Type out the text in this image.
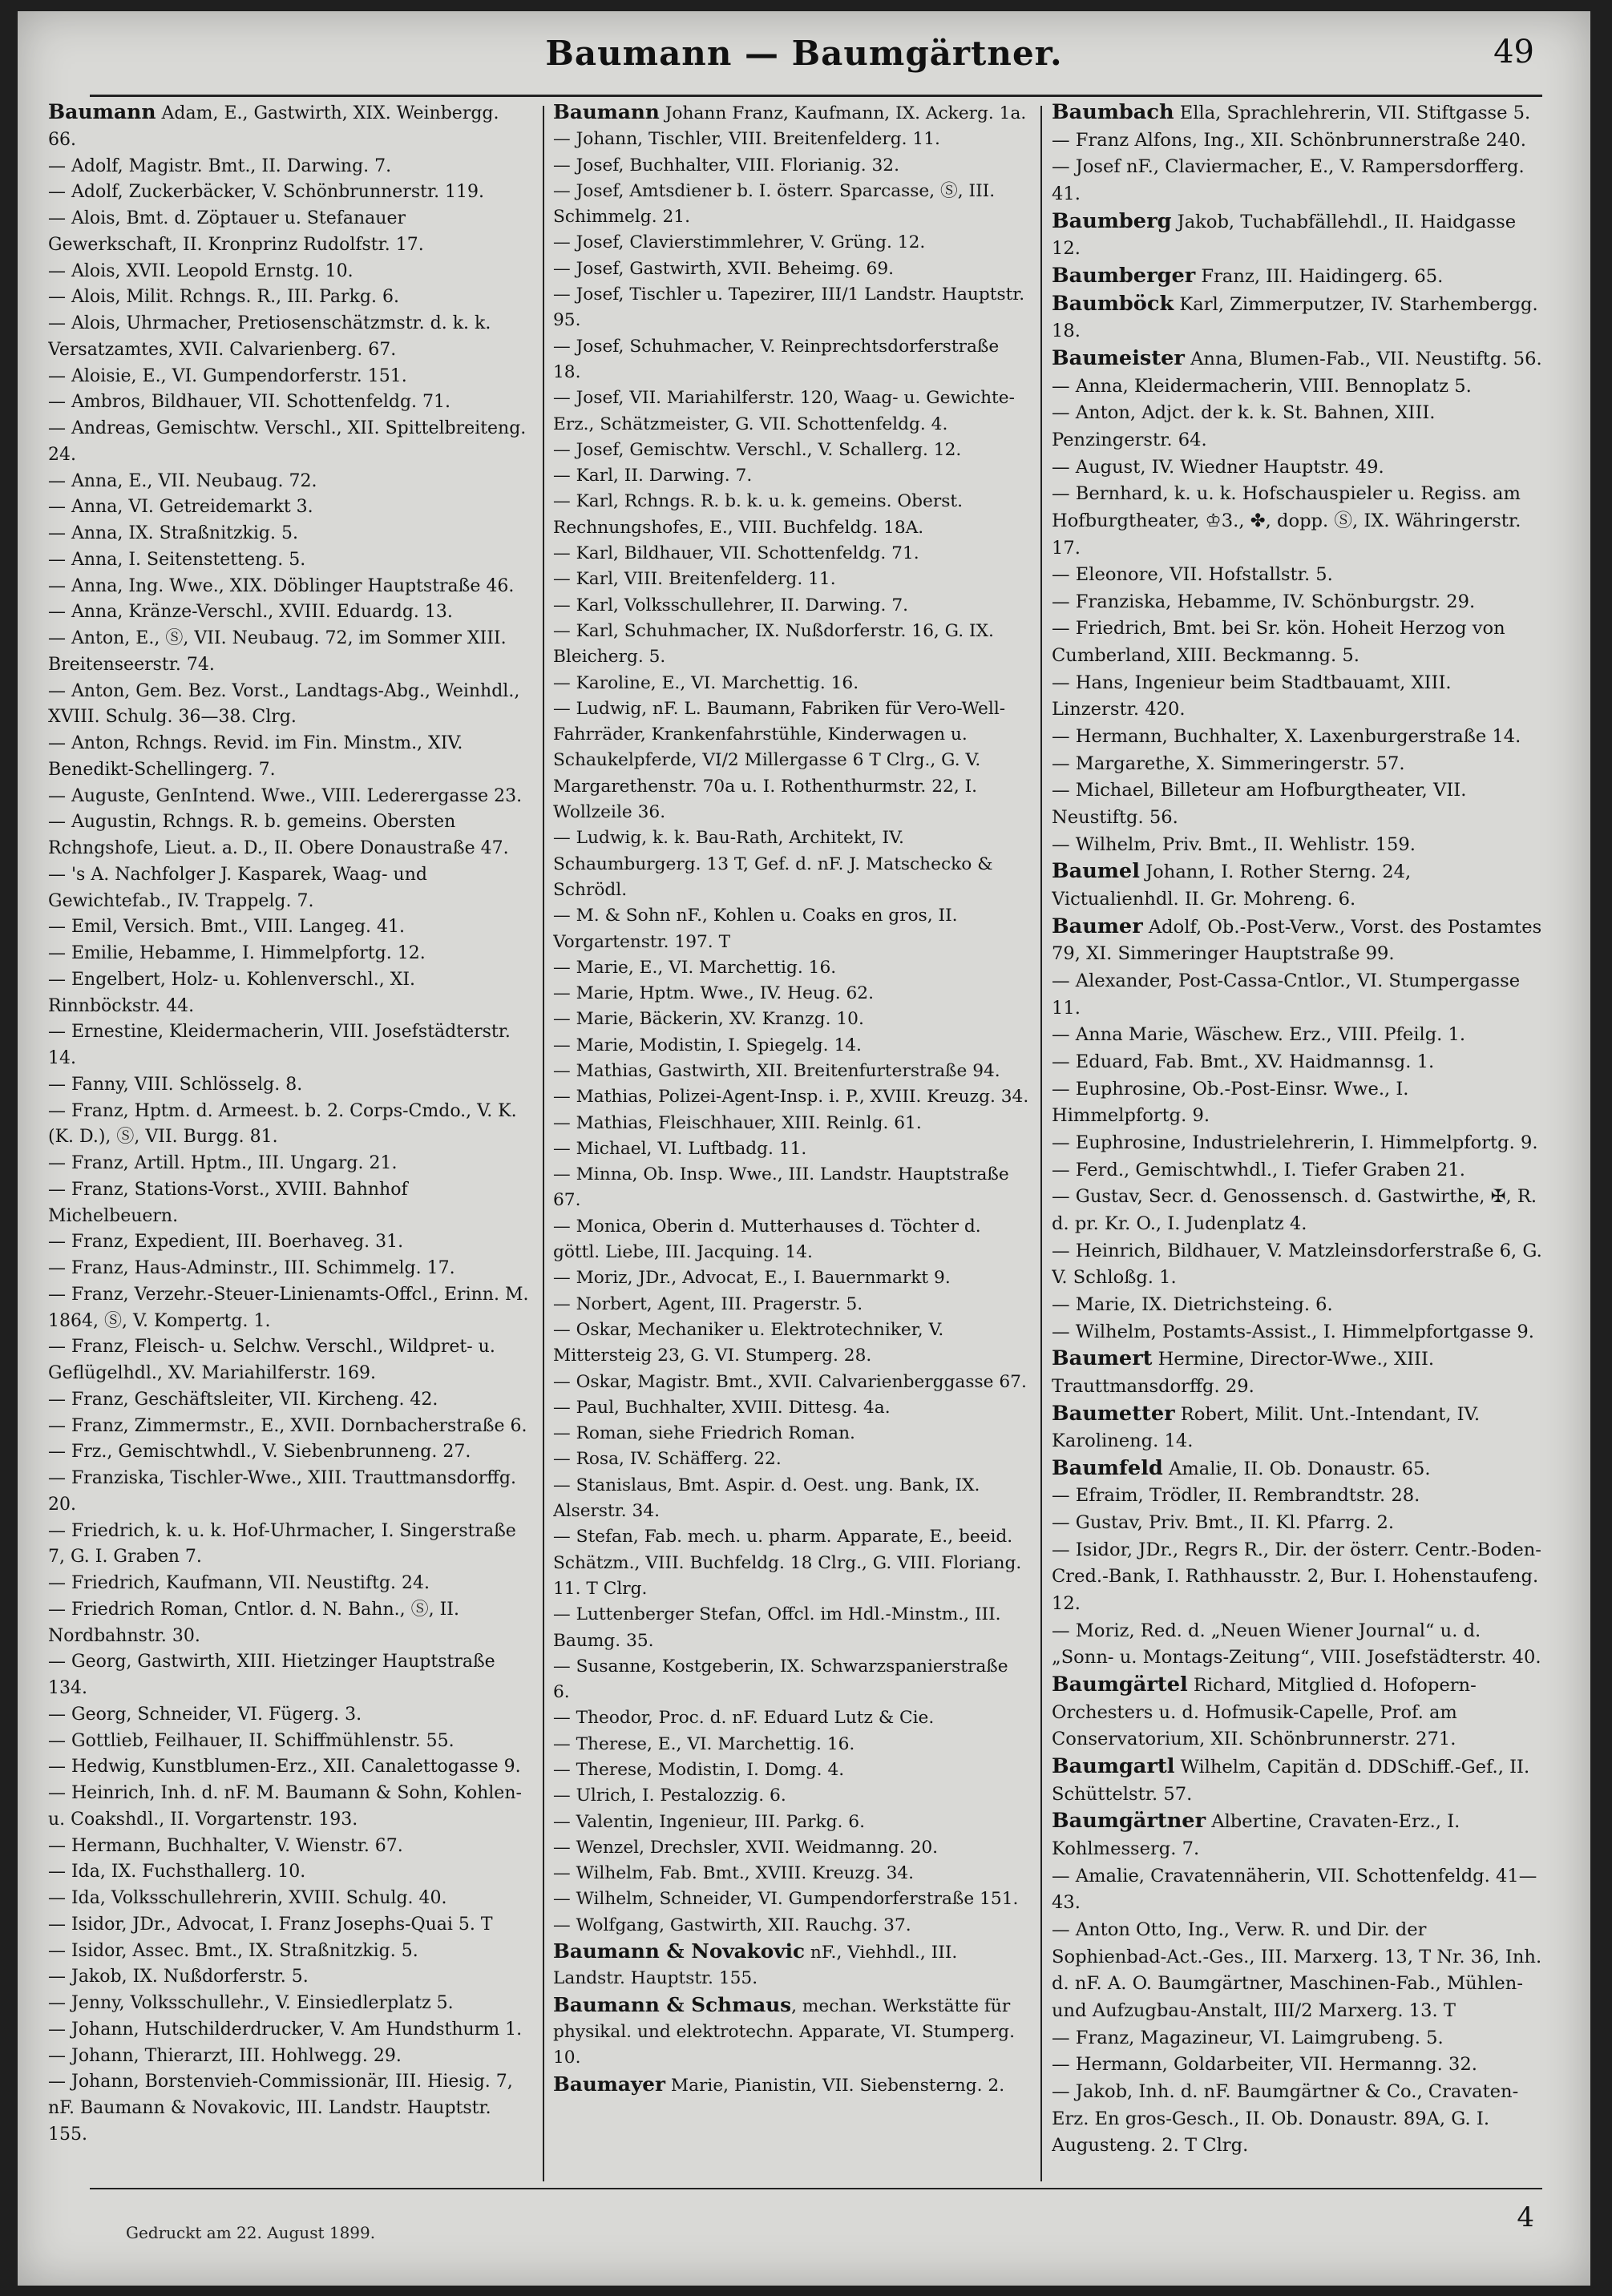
Baumann — Baumgärtner.	49

Baumann Adam, E., Gastwirth, XIX. Weinbergg. 66.

— Adolf, Magistr. Bmt., II. Darwing. 7.

— Adolf, Zuckerbäcker, V. Schönbrunnerstr. 119.

— Alois, Bmt. d. Zöptauer u. Stefanauer Gewerkschaft, II. Kronprinz Rudolfstr. 17.

— Alois, XVII. Leopold Ernstg. 10.

— Alois, Milit. Rchngs. R., III. Parkg. 6.

— Alois, Uhrmacher, Pretiosenschätzmstr. d. k. k. Versatzamtes, XVII. Calvarienberg. 67.

— Aloisie, E., VI. Gumpendorferstr. 151.

— Ambros, Bildhauer, VII. Schottenfeldg. 71.

— Andreas, Gemischtw. Verschl., XII. Spittelbreiteng. 24.

— Anna, E., VII. Neubaug. 72.

— Anna, VI. Getreidemarkt 3.

— Anna, IX. Straßnitzkig. 5.

— Anna, I. Seitenstetteng. 5.

— Anna, Ing. Wwe., XIX. Döblinger Hauptstraße 46.

— Anna, Kränze-Verschl., XVIII. Eduardg. 13.

— Anton, E., Ⓢ, VII. Neubaug. 72, im Sommer XIII. Breitenseerstr. 74.

— Anton, Gem. Bez. Vorst., Landtags-Abg., Weinhdl., XVIII. Schulg. 36—38. Clrg.

— Anton, Rchngs. Revid. im Fin. Minstm., XIV. Benedikt-Schellingerg. 7.

— Auguste, GenIntend. Wwe., VIII. Lederergasse 23.

— Augustin, Rchngs. R. b. gemeins. Obersten Rchngshofe, Lieut. a. D., II. Obere Donaustraße 47.

— 's A. Nachfolger J. Kasparek, Waag- und Gewichtefab., IV. Trappelg. 7.

— Emil, Versich. Bmt., VIII. Langeg. 41.

— Emilie, Hebamme, I. Himmelpfortg. 12.

— Engelbert, Holz- u. Kohlenverschl., XI. Rinnböckstr. 44.

— Ernestine, Kleidermacherin, VIII. Josefstädterstr. 14.

— Fanny, VIII. Schlösselg. 8.

— Franz, Hptm. d. Armeest. b. 2. Corps-Cmdo., V. K. (K. D.), Ⓢ, VII. Burgg. 81.

— Franz, Artill. Hptm., III. Ungarg. 21.

— Franz, Stations-Vorst., XVIII. Bahnhof Michelbeuern.

— Franz, Expedient, III. Boerhaveg. 31.

— Franz, Haus-Adminstr., III. Schimmelg. 17.

— Franz, Verzehr.-Steuer-Linienamts-Offcl., Erinn. M. 1864, Ⓢ, V. Kompertg. 1.

— Franz, Fleisch- u. Selchw. Verschl., Wildpret- u. Geflügelhdl., XV. Mariahilferstr. 169.

— Franz, Geschäftsleiter, VII. Kircheng. 42.

— Franz, Zimmermstr., E., XVII. Dornbacherstraße 6.

— Frz., Gemischtwhdl., V. Siebenbrunneng. 27.

— Franziska, Tischler-Wwe., XIII. Trauttmansdorffg. 20.

— Friedrich, k. u. k. Hof-Uhrmacher, I. Singerstraße 7, G. I. Graben 7.

— Friedrich, Kaufmann, VII. Neustiftg. 24.

— Friedrich Roman, Cntlor. d. N. Bahn., Ⓢ, II. Nordbahnstr. 30.

— Georg, Gastwirth, XIII. Hietzinger Hauptstraße 134.

— Georg, Schneider, VI. Fügerg. 3.

— Gottlieb, Feilhauer, II. Schiffmühlenstr. 55.

— Hedwig, Kunstblumen-Erz., XII. Canalettogasse 9.

— Heinrich, Inh. d. nF. M. Baumann & Sohn, Kohlen- u. Coakshdl., II. Vorgartenstr. 193.

— Hermann, Buchhalter, V. Wienstr. 67.

— Ida, IX. Fuchsthallerg. 10.

— Ida, Volksschullehrerin, XVIII. Schulg. 40.

— Isidor, JDr., Advocat, I. Franz Josephs-Quai 5. T

— Isidor, Assec. Bmt., IX. Straßnitzkig. 5.

— Jakob, IX. Nußdorferstr. 5.

— Jenny, Volksschullehr., V. Einsiedlerplatz 5.

— Johann, Hutschilderdrucker, V. Am Hundsthurm 1.

— Johann, Thierarzt, III. Hohlwegg. 29.

— Johann, Borstenvieh-Commissionär, III. Hiesig. 7, nF. Baumann & Novakovic, III. Landstr. Hauptstr. 155.

Baumann Johann Franz, Kaufmann, IX. Ackerg. 1a.

— Johann, Tischler, VIII. Breitenfelderg. 11.

— Josef, Buchhalter, VIII. Florianig. 32.

— Josef, Amtsdiener b. I. österr. Sparcasse, Ⓢ, III. Schimmelg. 21.

— Josef, Clavierstimmlehrer, V. Grüng. 12.

— Josef, Gastwirth, XVII. Beheimg. 69.

— Josef, Tischler u. Tapezirer, III/1 Landstr. Hauptstr. 95.

— Josef, Schuhmacher, V. Reinprechtsdorferstraße 18.

— Josef, VII. Mariahilferstr. 120, Waag- u. Gewichte-Erz., Schätzmeister, G. VII. Schottenfeldg. 4.

— Josef, Gemischtw. Verschl., V. Schallerg. 12.

— Karl, II. Darwing. 7.

— Karl, Rchngs. R. b. k. u. k. gemeins. Oberst. Rechnungshofes, E., VIII. Buchfeldg. 18A.

— Karl, Bildhauer, VII. Schottenfeldg. 71.

— Karl, VIII. Breitenfelderg. 11.

— Karl, Volksschullehrer, II. Darwing. 7.

— Karl, Schuhmacher, IX. Nußdorferstr. 16, G. IX. Bleicherg. 5.

— Karoline, E., VI. Marchettig. 16.

— Ludwig, nF. L. Baumann, Fabriken für Vero-Well-Fahrräder, Krankenfahrstühle, Kinderwagen u. Schaukelpferde, VI/2 Millergasse 6 T Clrg., G. V. Margarethenstr. 70a u. I. Rothenthurmstr. 22, I. Wollzeile 36.

— Ludwig, k. k. Bau-Rath, Architekt, IV. Schaumburgerg. 13 T, Gef. d. nF. J. Matschecko & Schrödl.

— M. & Sohn nF., Kohlen u. Coaks en gros, II. Vorgartenstr. 197. T

— Marie, E., VI. Marchettig. 16.

— Marie, Hptm. Wwe., IV. Heug. 62.

— Marie, Bäckerin, XV. Kranzg. 10.

— Marie, Modistin, I. Spiegelg. 14.

— Mathias, Gastwirth, XII. Breitenfurterstraße 94.

— Mathias, Polizei-Agent-Insp. i. P., XVIII. Kreuzg. 34.

— Mathias, Fleischhauer, XIII. Reinlg. 61.

— Michael, VI. Luftbadg. 11.

— Minna, Ob. Insp. Wwe., III. Landstr. Hauptstraße 67.

— Monica, Oberin d. Mutterhauses d. Töchter d. göttl. Liebe, III. Jacquing. 14.

— Moriz, JDr., Advocat, E., I. Bauernmarkt 9.

— Norbert, Agent, III. Pragerstr. 5.

— Oskar, Mechaniker u. Elektrotechniker, V. Mittersteig 23, G. VI. Stumperg. 28.

— Oskar, Magistr. Bmt., XVII. Calvarienberggasse 67.

— Paul, Buchhalter, XVIII. Dittesg. 4a.

— Roman, siehe Friedrich Roman.

— Rosa, IV. Schäfferg. 22.

— Stanislaus, Bmt. Aspir. d. Oest. ung. Bank, IX. Alserstr. 34.

— Stefan, Fab. mech. u. pharm. Apparate, E., beeid. Schätzm., VIII. Buchfeldg. 18 Clrg., G. VIII. Floriang. 11. T Clrg.

— Luttenberger Stefan, Offcl. im Hdl.-Minstm., III. Baumg. 35.

— Susanne, Kostgeberin, IX. Schwarzspanierstraße 6.

— Theodor, Proc. d. nF. Eduard Lutz & Cie.

— Therese, E., VI. Marchettig. 16.

— Therese, Modistin, I. Domg. 4.

— Ulrich, I. Pestalozzig. 6.

— Valentin, Ingenieur, III. Parkg. 6.

— Wenzel, Drechsler, XVII. Weidmanng. 20.

— Wilhelm, Fab. Bmt., XVIII. Kreuzg. 34.

— Wilhelm, Schneider, VI. Gumpendorferstraße 151.

— Wolfgang, Gastwirth, XII. Rauchg. 37.

Baumann & Novakovic nF., Viehhdl., III. Landstr. Hauptstr. 155.

Baumann & Schmaus, mechan. Werkstätte für physikal. und elektrotechn. Apparate, VI. Stumperg. 10.

Baumayer Marie, Pianistin, VII. Siebensterng. 2.

Baumbach Ella, Sprachlehrerin, VII. Stiftgasse 5.

— Franz Alfons, Ing., XII. Schönbrunnerstraße 240.

— Josef nF., Claviermacher, E., V. Rampersdorfferg. 41.

Baumberg Jakob, Tuchabfällehdl., II. Haidgasse 12.

Baumberger Franz, III. Haidingerg. 65.

Baumböck Karl, Zimmerputzer, IV. Starhembergg. 18.

Baumeister Anna, Blumen-Fab., VII. Neustiftg. 56.

— Anna, Kleidermacherin, VIII. Bennoplatz 5.

— Anton, Adjct. der k. k. St. Bahnen, XIII. Penzingerstr. 64.

— August, IV. Wiedner Hauptstr. 49.

— Bernhard, k. u. k. Hofschauspieler u. Regiss. am Hofburgtheater, ♔3., ✤, dopp. Ⓢ, IX. Währingerstr. 17.

— Eleonore, VII. Hofstallstr. 5.

— Franziska, Hebamme, IV. Schönburgstr. 29.

— Friedrich, Bmt. bei Sr. kön. Hoheit Herzog von Cumberland, XIII. Beckmanng. 5.

— Hans, Ingenieur beim Stadtbauamt, XIII. Linzerstr. 420.

— Hermann, Buchhalter, X. Laxenburgerstraße 14.

— Margarethe, X. Simmeringerstr. 57.

— Michael, Billeteur am Hofburgtheater, VII. Neustiftg. 56.

— Wilhelm, Priv. Bmt., II. Wehlistr. 159.

Baumel Johann, I. Rother Sterng. 24, Victualienhdl. II. Gr. Mohreng. 6.

Baumer Adolf, Ob.-Post-Verw., Vorst. des Postamtes 79, XI. Simmeringer Hauptstraße 99.

— Alexander, Post-Cassa-Cntlor., VI. Stumpergasse 11.

— Anna Marie, Wäschew. Erz., VIII. Pfeilg. 1.

— Eduard, Fab. Bmt., XV. Haidmannsg. 1.

— Euphrosine, Ob.-Post-Einsr. Wwe., I. Himmelpfortg. 9.

— Euphrosine, Industrielehrerin, I. Himmelpfortg. 9.

— Ferd., Gemischtwhdl., I. Tiefer Graben 21.

— Gustav, Secr. d. Genossensch. d. Gastwirthe, ✠, R. d. pr. Kr. O., I. Judenplatz 4.

— Heinrich, Bildhauer, V. Matzleinsdorferstraße 6, G. V. Schloßg. 1.

— Marie, IX. Dietrichsteing. 6.

— Wilhelm, Postamts-Assist., I. Himmelpfortgasse 9.

Baumert Hermine, Director-Wwe., XIII. Trauttmansdorffg. 29.

Baumetter Robert, Milit. Unt.-Intendant, IV. Karolineng. 14.

Baumfeld Amalie, II. Ob. Donaustr. 65.

— Efraim, Trödler, II. Rembrandtstr. 28.

— Gustav, Priv. Bmt., II. Kl. Pfarrg. 2.

— Isidor, JDr., Regrs R., Dir. der österr. Centr.-Boden-Cred.-Bank, I. Rathhausstr. 2, Bur. I. Hohenstaufeng. 12.

— Moriz, Red. d. „Neuen Wiener Journal“ u. d. „Sonn- u. Montags-Zeitung“, VIII. Josefstädterstr. 40.

Baumgärtel Richard, Mitglied d. Hofopern-Orchesters u. d. Hofmusik-Capelle, Prof. am Conservatorium, XII. Schönbrunnerstr. 271.

Baumgartl Wilhelm, Capitän d. DDSchiff.-Gef., II. Schüttelstr. 57.

Baumgärtner Albertine, Cravaten-Erz., I. Kohlmesserg. 7.

— Amalie, Cravatennäherin, VII. Schottenfeldg. 41—43.

— Anton Otto, Ing., Verw. R. und Dir. der Sophienbad-Act.-Ges., III. Marxerg. 13, T Nr. 36, Inh. d. nF. A. O. Baumgärtner, Maschinen-Fab., Mühlen- und Aufzugbau-Anstalt, III/2 Marxerg. 13. T

— Franz, Magazineur, VI. Laimgrubeng. 5.

— Hermann, Goldarbeiter, VII. Hermanng. 32.

— Jakob, Inh. d. nF. Baumgärtner & Co., Cravaten-Erz. En gros-Gesch., II. Ob. Donaustr. 89A, G. I. Augusteng. 2. T Clrg.

Gedruckt am 22. August 1899.	4
